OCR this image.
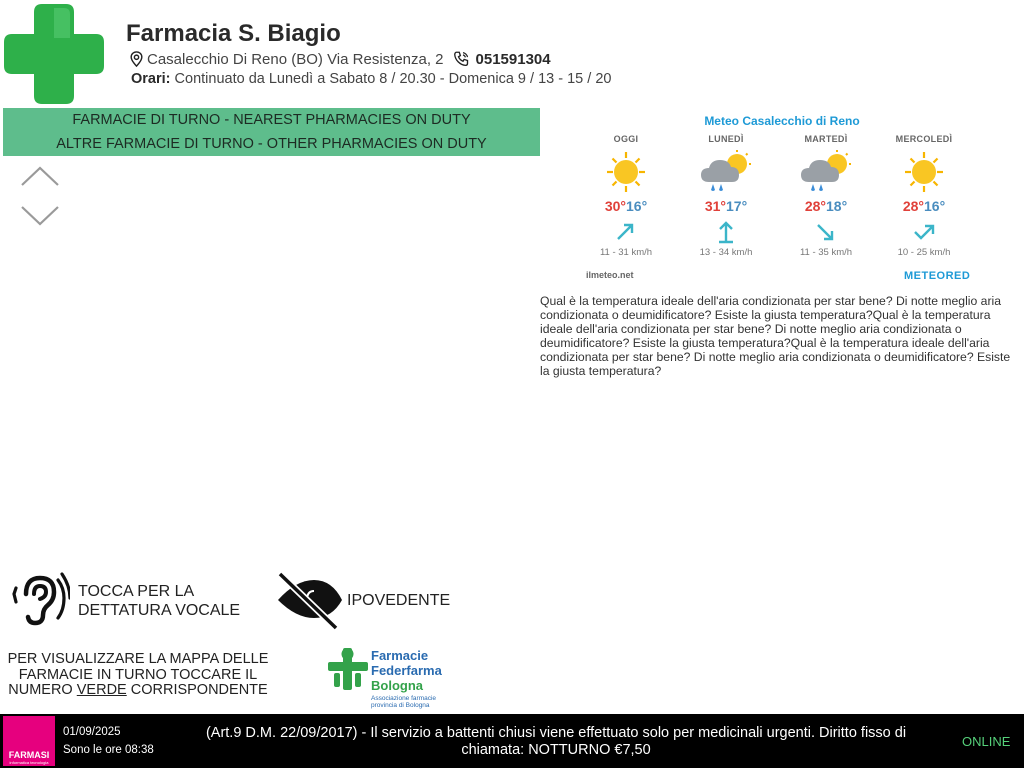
Farmacia S. Biagio
Casalecchio Di Reno (BO) Via Resistenza, 2 051591304
Orari: Continuato da Lunedì a Sabato 8 / 20.30 - Domenica 9 / 13 - 15 / 20
FARMACIE DI TURNO - NEAREST PHARMACIES ON DUTY
ALTRE FARMACIE DI TURNO - OTHER PHARMACIES ON DUTY
Meteo Casalecchio di Reno
OGGI
30°16°
11 - 31 km/h
LUNEDÌ
31°17°
13 - 34 km/h
MARTEDÌ
28°18°
11 - 35 km/h
MERCOLEDÌ
28°16°
10 - 25 km/h
ilmeteo.net	METEORED
Qual è la temperatura ideale dell'aria condizionata per star bene? Di notte meglio aria condizionata o deumidificatore? Esiste la giusta temperatura?Qual è la temperatura ideale dell'aria condizionata per star bene? Di notte meglio aria condizionata o deumidificatore? Esiste la giusta temperatura?Qual è la temperatura ideale dell'aria condizionata per star bene? Di notte meglio aria condizionata o deumidificatore? Esiste la giusta temperatura?
TOCCA PER LA DETTATURA VOCALE
IPOVEDENTE
PER VISUALIZZARE LA MAPPA DELLE FARMACIE IN TURNO TOCCARE IL NUMERO VERDE CORRISPONDENTE
Farmacie
Federfarma
Bologna
Associazione farmacie provincia di Bologna
FARMASI
informatica tecnologia
01/09/2025
Sono le ore 08:38
(Art.9 D.M. 22/09/2017) - Il servizio a battenti chiusi viene effettuato solo per medicinali urgenti. Diritto fisso di chiamata: NOTTURNO €7,50
ONLINE
